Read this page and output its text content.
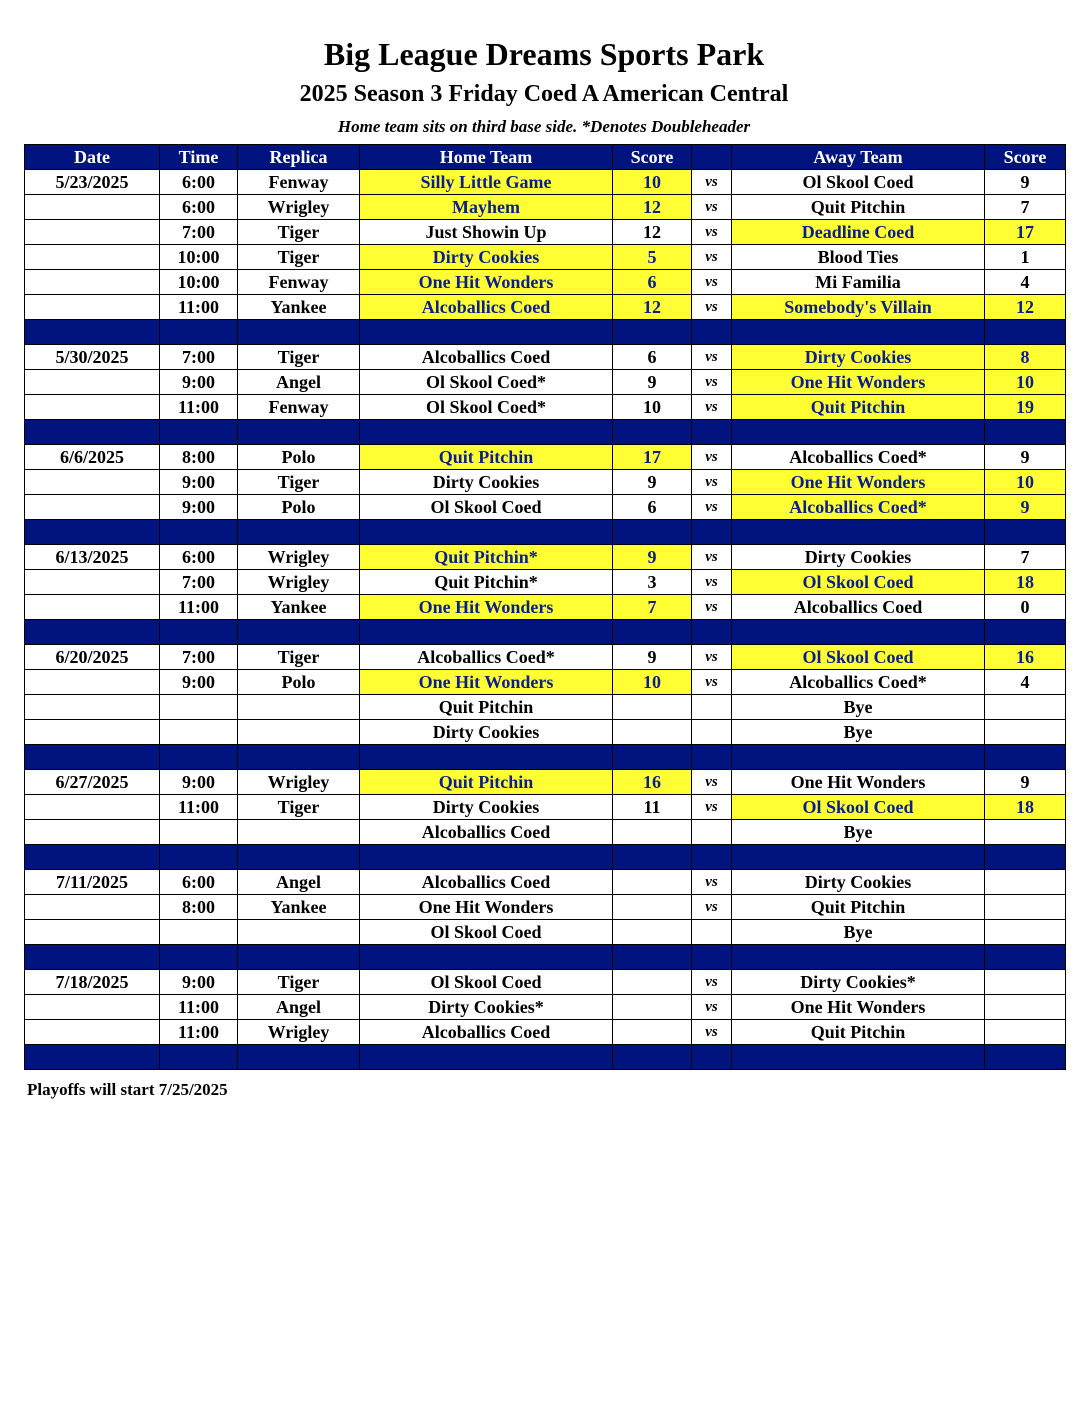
Big League Dreams Sports Park
2025 Season 3 Friday Coed A American Central
Home team sits on third base side. *Denotes Doubleheader
Date	Time	Replica	Home Team	Score		Away Team	Score
5/23/2025	6:00	Fenway	Silly Little Game	10	vs	Ol Skool Coed	9
	6:00	Wrigley	Mayhem	12	vs	Quit Pitchin	7
	7:00	Tiger	Just Showin Up	12	vs	Deadline Coed	17
	10:00	Tiger	Dirty Cookies	5	vs	Blood Ties	1
	10:00	Fenway	One Hit Wonders	6	vs	Mi Familia	4
	11:00	Yankee	Alcoballics Coed	12	vs	Somebody's Villain	12

5/30/2025	7:00	Tiger	Alcoballics Coed	6	vs	Dirty Cookies	8
	9:00	Angel	Ol Skool Coed*	9	vs	One Hit Wonders	10
	11:00	Fenway	Ol Skool Coed*	10	vs	Quit Pitchin	19

6/6/2025	8:00	Polo	Quit Pitchin	17	vs	Alcoballics Coed*	9
	9:00	Tiger	Dirty Cookies	9	vs	One Hit Wonders	10
	9:00	Polo	Ol Skool Coed	6	vs	Alcoballics Coed*	9

6/13/2025	6:00	Wrigley	Quit Pitchin*	9	vs	Dirty Cookies	7
	7:00	Wrigley	Quit Pitchin*	3	vs	Ol Skool Coed	18
	11:00	Yankee	One Hit Wonders	7	vs	Alcoballics Coed	0

6/20/2025	7:00	Tiger	Alcoballics Coed*	9	vs	Ol Skool Coed	16
	9:00	Polo	One Hit Wonders	10	vs	Alcoballics Coed*	4
			Quit Pitchin			Bye	
			Dirty Cookies			Bye	

6/27/2025	9:00	Wrigley	Quit Pitchin	16	vs	One Hit Wonders	9
	11:00	Tiger	Dirty Cookies	11	vs	Ol Skool Coed	18
			Alcoballics Coed			Bye	

7/11/2025	6:00	Angel	Alcoballics Coed		vs	Dirty Cookies	
	8:00	Yankee	One Hit Wonders		vs	Quit Pitchin	
			Ol Skool Coed			Bye	

7/18/2025	9:00	Tiger	Ol Skool Coed		vs	Dirty Cookies*	
	11:00	Angel	Dirty Cookies*		vs	One Hit Wonders	
	11:00	Wrigley	Alcoballics Coed		vs	Quit Pitchin	

Playoffs will start 7/25/2025
